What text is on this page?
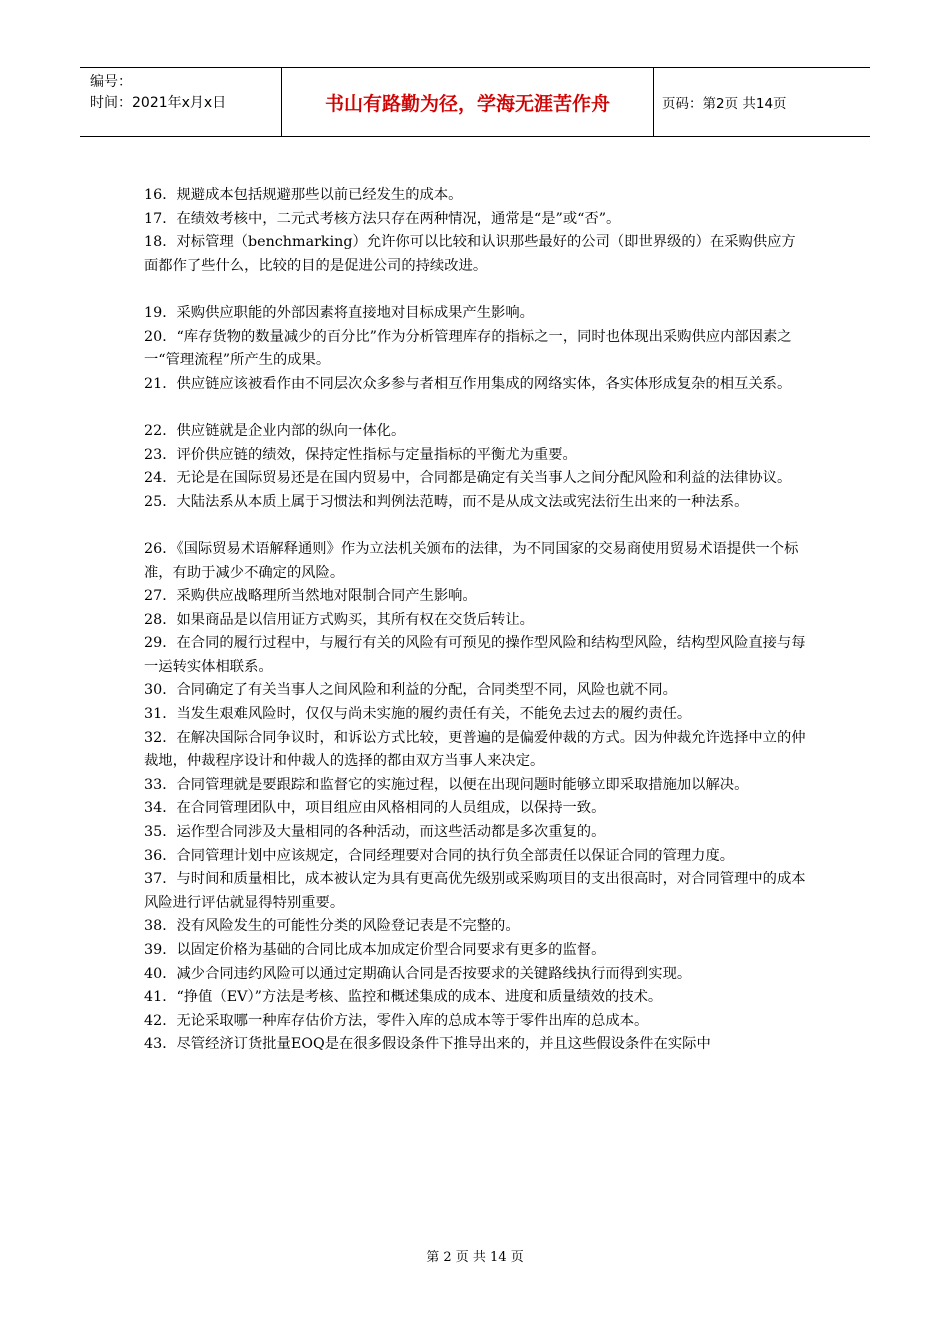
编号：
时间：2021年x月x日	书山有路勤为径，学海无涯苦作舟	页码：第2页 共14页

16．规避成本包括规避那些以前已经发生的成本。

17．在绩效考核中，二元式考核方法只存在两种情况，通常是“是”或“否”。

18．对标管理（benchmarking）允许你可以比较和认识那些最好的公司（即世界级的）在采购供应方面都作了些什么，比较的目的是促进公司的持续改进。

19．采购供应职能的外部因素将直接地对目标成果产生影响。

20．“库存货物的数量减少的百分比”作为分析管理库存的指标之一，同时也体现出采购供应内部因素之一“管理流程”所产生的成果。

21．供应链应该被看作由不同层次众多参与者相互作用集成的网络实体，各实体形成复杂的相互关系。

22．供应链就是企业内部的纵向一体化。

23．评价供应链的绩效，保持定性指标与定量指标的平衡尤为重要。

24．无论是在国际贸易还是在国内贸易中，合同都是确定有关当事人之间分配风险和利益的法律协议。

25．大陆法系从本质上属于习惯法和判例法范畴，而不是从成文法或宪法衍生出来的一种法系。

26．《国际贸易术语解释通则》作为立法机关颁布的法律，为不同国家的交易商使用贸易术语提供一个标准，有助于减少不确定的风险。

27．采购供应战略理所当然地对限制合同产生影响。

28．如果商品是以信用证方式购买，其所有权在交货后转让。

29．在合同的履行过程中，与履行有关的风险有可预见的操作型风险和结构型风险，结构型风险直接与每一运转实体相联系。

30．合同确定了有关当事人之间风险和利益的分配，合同类型不同，风险也就不同。

31．当发生艰难风险时，仅仅与尚未实施的履约责任有关，不能免去过去的履约责任。

32．在解决国际合同争议时，和诉讼方式比较，更普遍的是偏爱仲裁的方式。因为仲裁允许选择中立的仲裁地，仲裁程序设计和仲裁人的选择的都由双方当事人来决定。

33．合同管理就是要跟踪和监督它的实施过程，以便在出现问题时能够立即采取措施加以解决。

34．在合同管理团队中，项目组应由风格相同的人员组成，以保持一致。

35．运作型合同涉及大量相同的各种活动，而这些活动都是多次重复的。

36．合同管理计划中应该规定，合同经理要对合同的执行负全部责任以保证合同的管理力度。

37．与时间和质量相比，成本被认定为具有更高优先级别或采购项目的支出很高时，对合同管理中的成本风险进行评估就显得特别重要。

38．没有风险发生的可能性分类的风险登记表是不完整的。

39．以固定价格为基础的合同比成本加成定价型合同要求有更多的监督。

40．减少合同违约风险可以通过定期确认合同是否按要求的关键路线执行而得到实现。

41．“挣值（EV）”方法是考核、监控和概述集成的成本、进度和质量绩效的技术。

42．无论采取哪一种库存估价方法，零件入库的总成本等于零件出库的总成本。

43．尽管经济订货批量EOQ是在很多假设条件下推导出来的，并且这些假设条件在实际中

第 2 页 共 14 页
